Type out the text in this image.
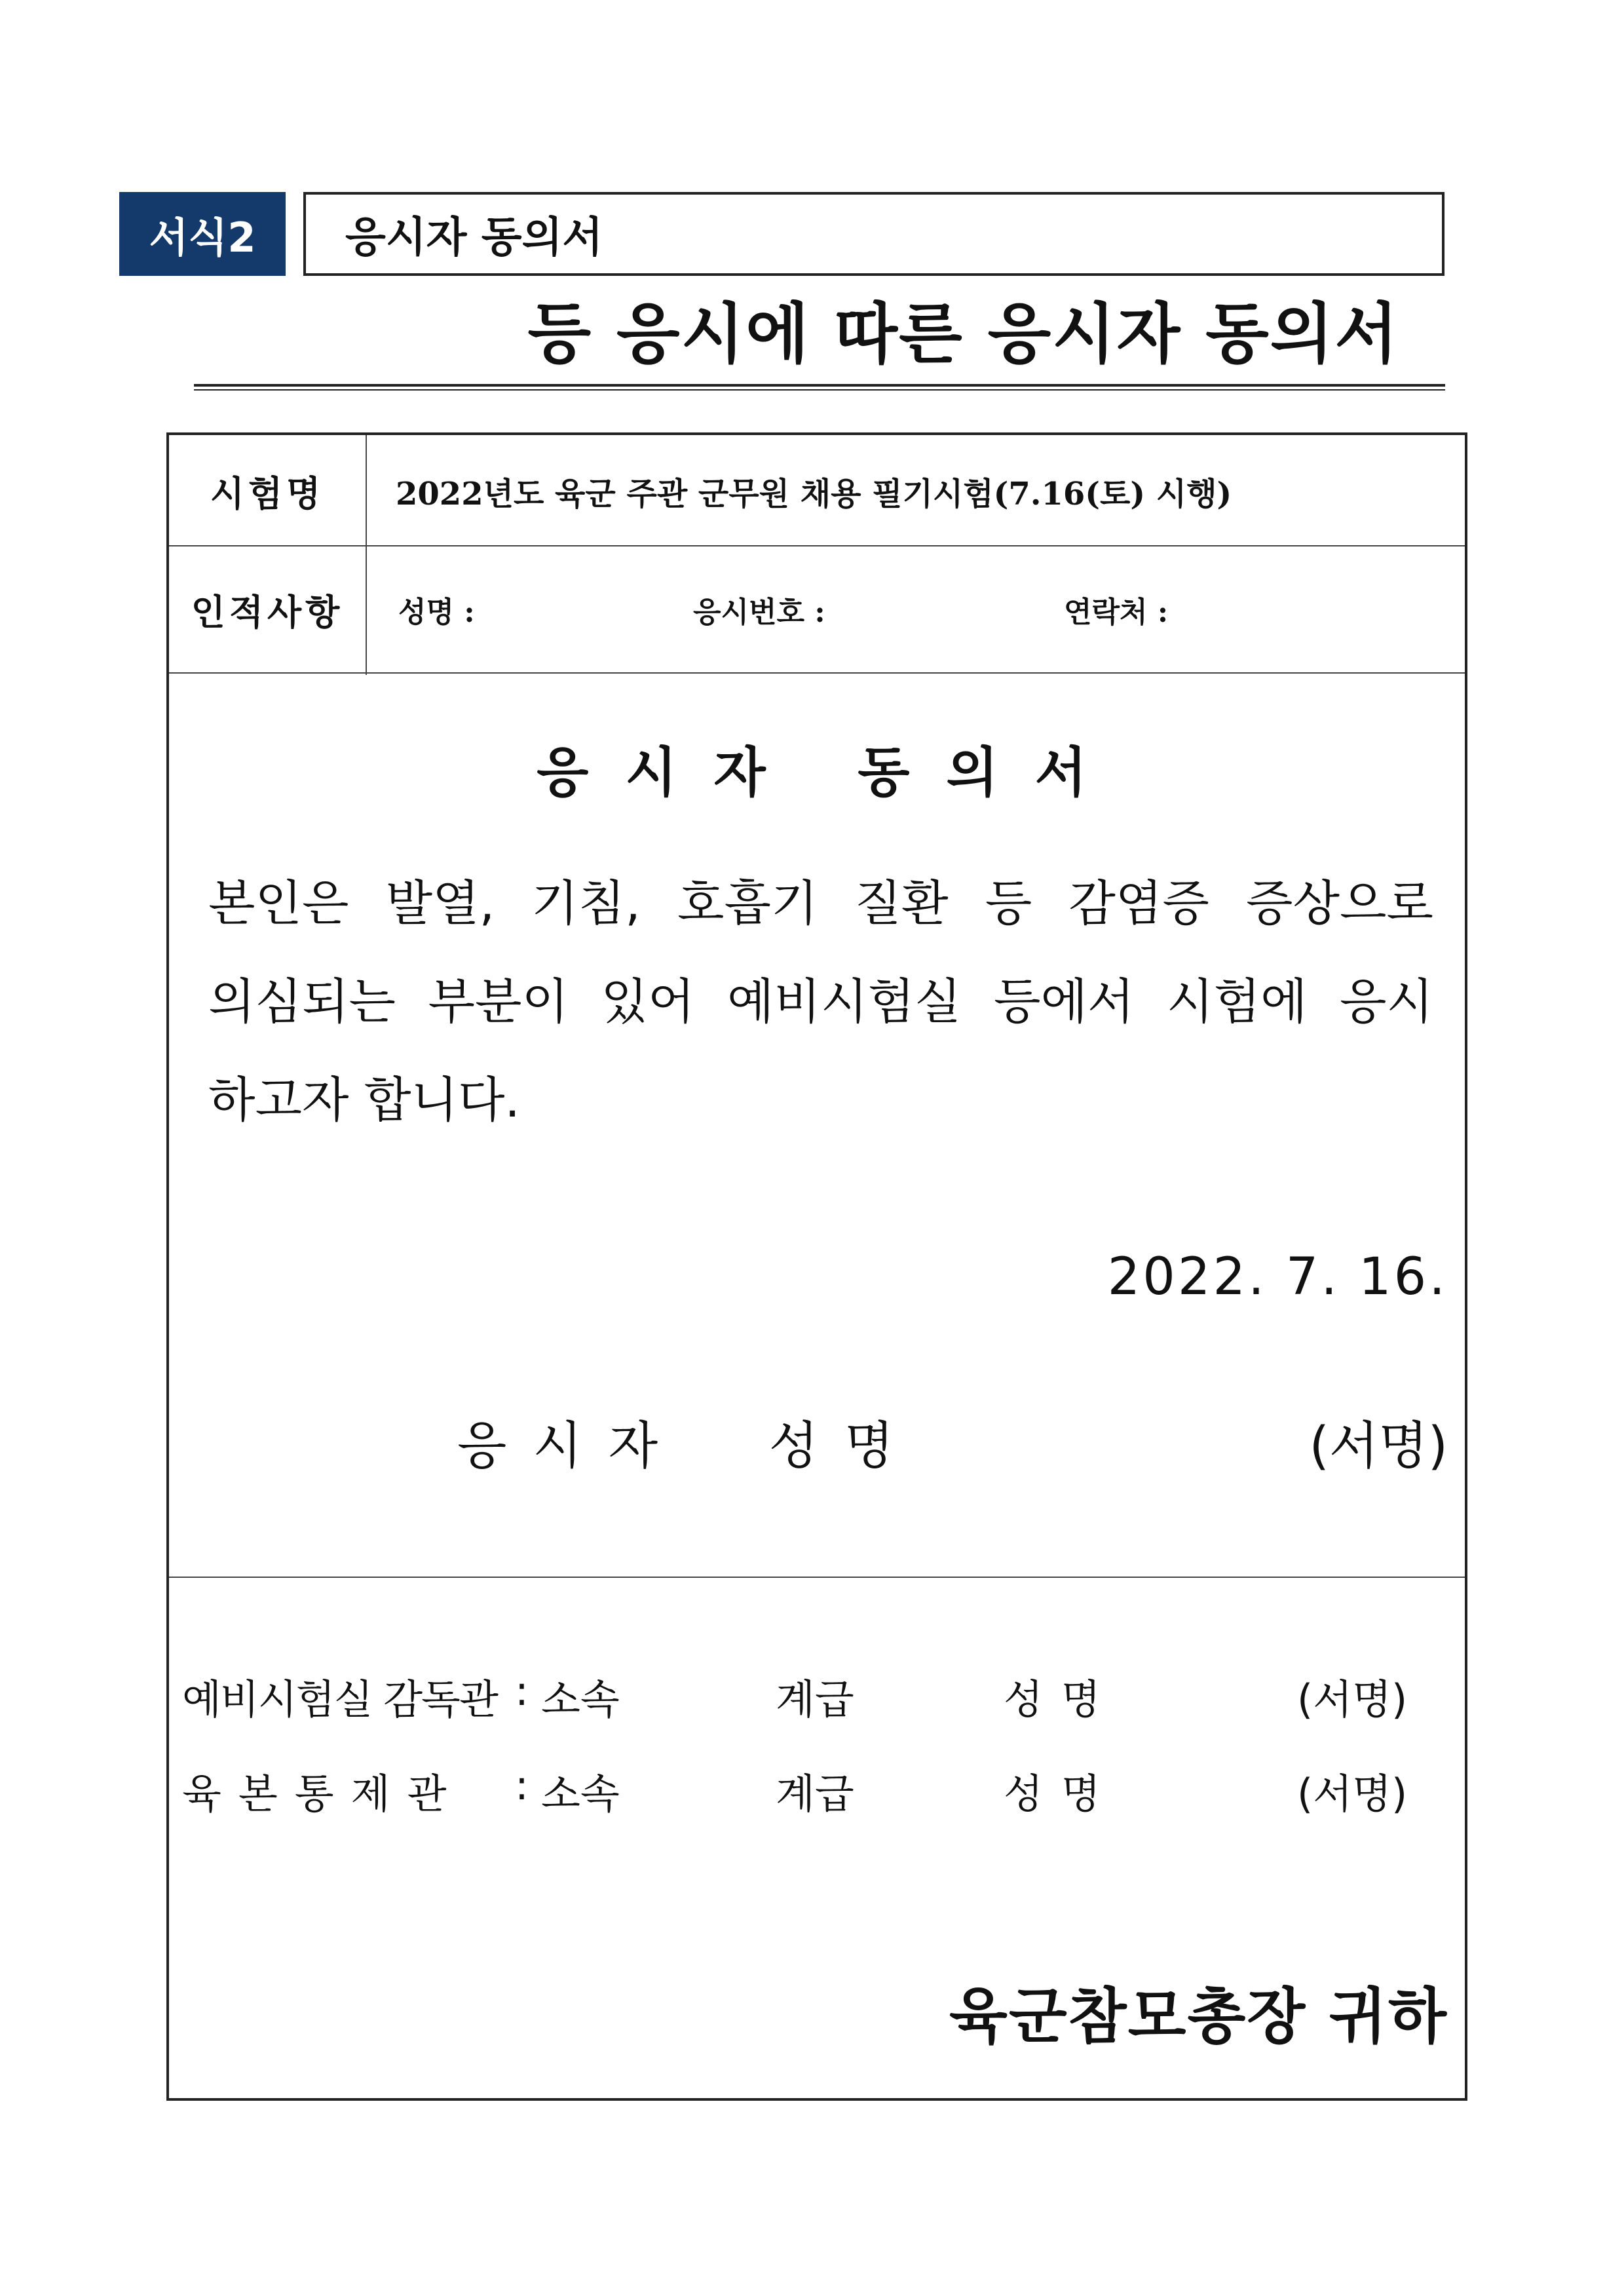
서식2	응시자 동의서
등 응시에 따른 응시자 동의서
시험명	2022년도 육군 주관 군무원 채용 필기시험(7.16(토) 시행)
인적사항	성명 :	응시번호 :	연락처 :
응시자 동의서
본인은 발열, 기침, 호흡기 질환 등 감염증 증상으로
의심되는 부분이 있어 예비시험실 등에서 시험에 응시
하고자 합니다.
2022. 7. 16.
응시자  성명	(서명)
예비시험실 감독관 : 소속	계급	성명	(서명)
육본통제관 : 소속	계급	성명	(서명)
육군참모총장 귀하
